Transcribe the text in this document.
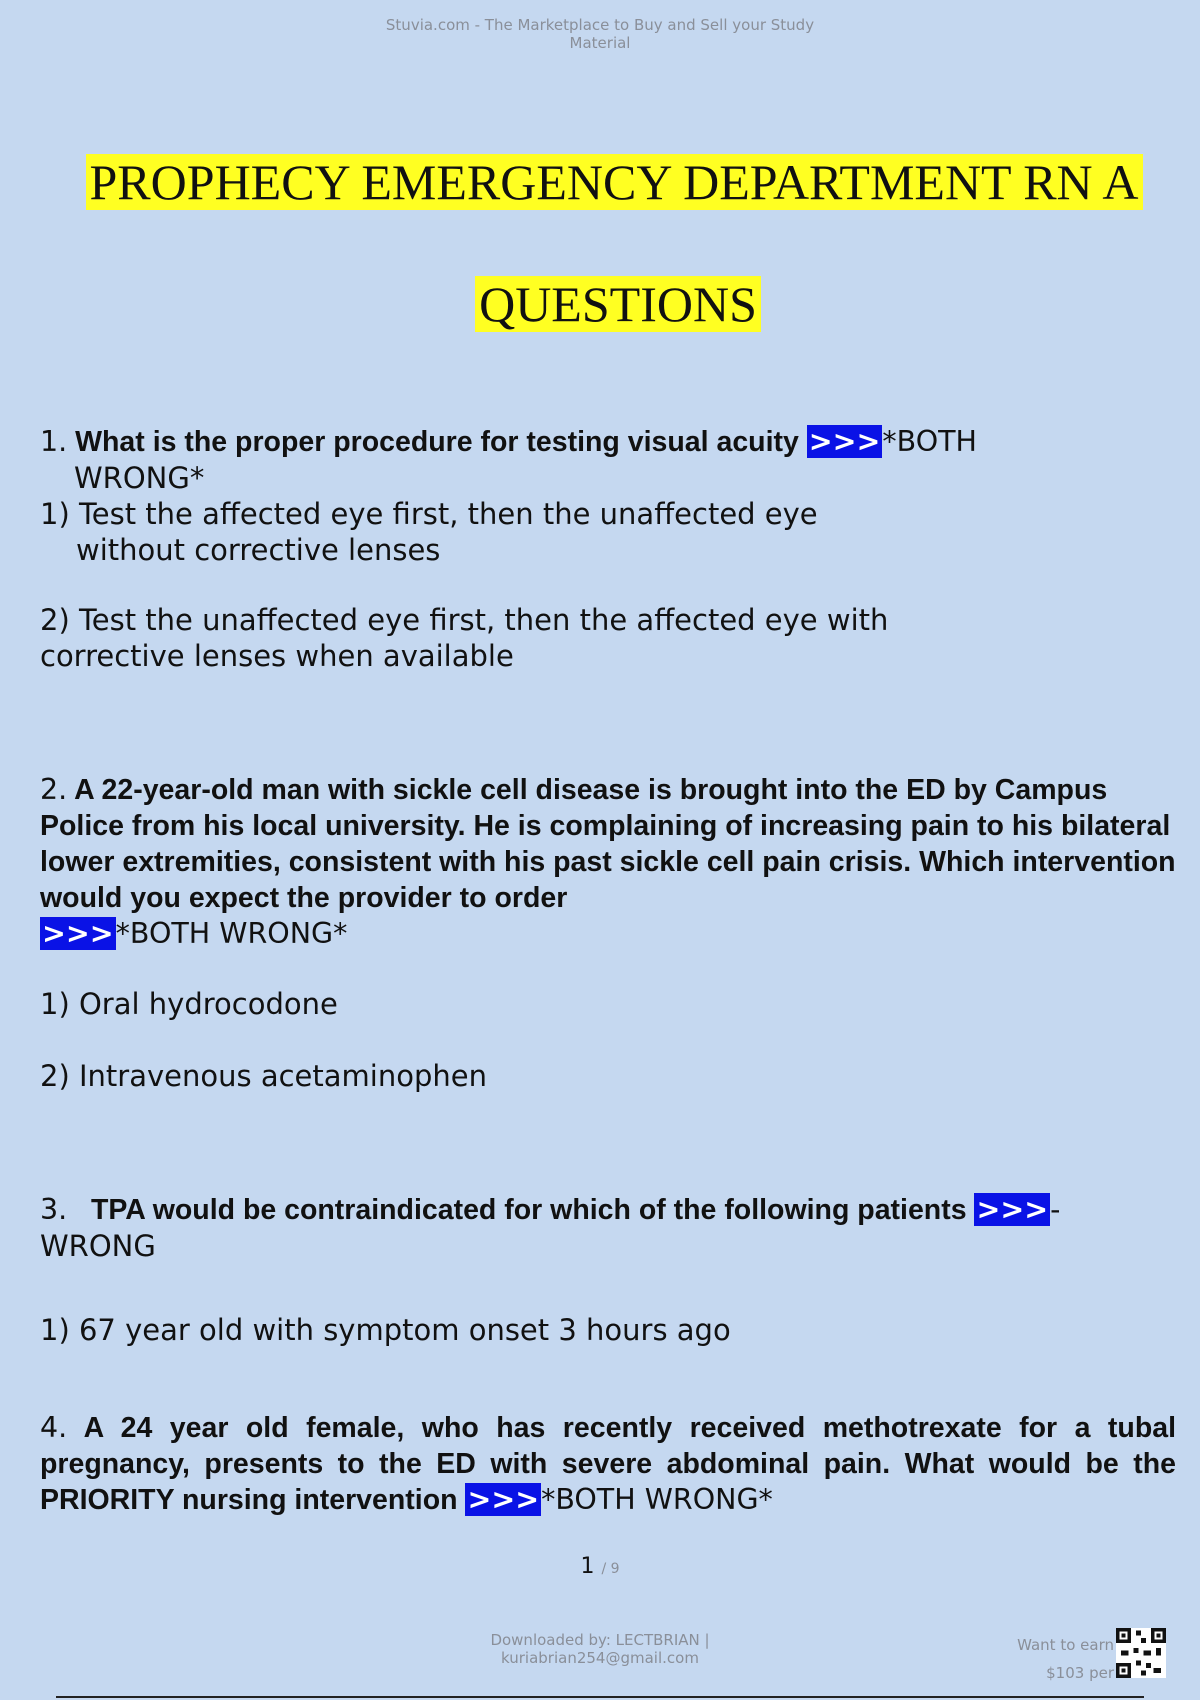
Stuvia.com - The Marketplace to Buy and Sell your Study
Material
PROPHECY EMERGENCY DEPARTMENT RN A
QUESTIONS

1. What is the proper procedure for testing visual acuity >>>*BOTH

WRONG*

1) Test the affected eye first, then the unaffected eye

without corrective lenses

2) Test the unaffected eye first, then the affected eye with

corrective lenses when available

2. A 22-year-old man with sickle cell disease is brought into the ED by Campus Police from his local university. He is complaining of increasing pain to his bilateral lower extremities, consistent with his past sickle cell pain crisis. Which intervention would you expect the provider to order
>>>*BOTH WRONG*

1) Oral hydrocodone

2) Intravenous acetaminophen

3. TPA would be contraindicated for which of the following patients >>>-

WRONG

1) 67 year old with symptom onset 3 hours ago

4. A 24 year old female, who has recently received methotrexate for a tubal pregnancy, presents to the ED with severe abdominal pain. What would be the PRIORITY nursing intervention >>>*BOTH WRONG*

1 / 9
Downloaded by: LECTBRIAN |
kuriabrian254@gmail.com
Want to earn
$103 per
